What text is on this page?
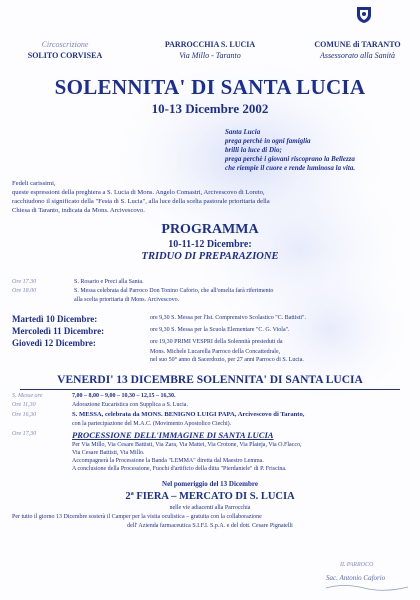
Circoscrizione
SOLITO CORVISEA
PARROCCHIA S. LUCIA
Via Millo - Taranto
COMUNE di TARANTO
Assessorato alla Sanità
SOLENNITA' DI SANTA LUCIA
10-13 Dicembre 2002
Santa Lucia
prega perchè in ogni famiglia
brilli la luce di Dio;
prega perchè i giovani riscoprano la Bellezza
che riempie il cuore e rende luminosa la vita.
Fedeli carissimi,
queste espressioni della preghiera a S. Lucia di Mons. Angelo Comastri, Arcivescovo di Loreto,
racchiudono il significato della "Festa di S. Lucia", alla luce della scelta pastorale prioritaria della
Chiesa di Taranto, indicata da Mons. Arcivescovo.
PROGRAMMA
10-11-12 Dicembre:
TRIDUO DI PREPARAZIONE
Ore 17.30	S. Rosario e Preci alla Santa.
Ore 18.00	S. Messa celebrata dal Parroco Don Tonino Caforio, che all'omelia farà riferimento
alla scelta prioritaria di Mons. Arcivescovo.
Martedì 10 Dicembre:	ore 9,30 S. Messa per l'Ist. Comprensivo Scolastico "C. Battisti".
Mercoledì 11 Dicembre:	ore 9,30 S. Messa per la Scuola Elementare "C. G. Viola".
Giovedì 12 Dicembre:	ore 19,30 PRIMI VESPRI della Solennità presieduti da
Mons. Michele Lucarella Parroco della Concattedrale,
nel suo 50° anno di Sacerdozio, per 27 anni Parroco di S. Lucia.
VENERDI' 13 DICEMBRE SOLENNITA' DI SANTA LUCIA
S. Messe ore	7,00 – 8,00 – 9,00 – 10,30 – 12,15 – 16,30.
Ore 11,30	Adorazione Eucaristica con Supplica a S. Lucia.
Ore 16,30	S. MESSA, celebrata da MONS. BENIGNO LUIGI PAPA, Arcivescovo di Taranto,
con la partecipazione del M.A.C. (Movimento Apostolico Ciechi).
Ore 17,30	PROCESSIONE DELL'IMMAGINE DI SANTA LUCIA
Per Via Millo, Via Cesare Battisti, Via Zara, Via Mattei, Via Crotone, Via Plateja, Via O.Flacco,
Via Cesare Battisti, Via Millo.
Accompagnerà la Processione la Banda "LEMMA" diretta dal Maestro Lemma.
A conclusione della Processione, Fuochi d'artificio della ditta "Pierdaniele" di P. Friscina.
Nel pomeriggio del 13 Dicembre
2ª FIERA – MERCATO DI S. LUCIA
nelle vie adiacenti alla Parrocchia
Per tutto il giorno 13 Dicembre sosterà il Camper per la visita oculistica – gratuita con la collaborazione
dell' Azienda farmaceutica S.I.F.I. S.p.A. e del dott. Cesare Pignatelli
IL PARROCO
Sac. Antonio Caforio
